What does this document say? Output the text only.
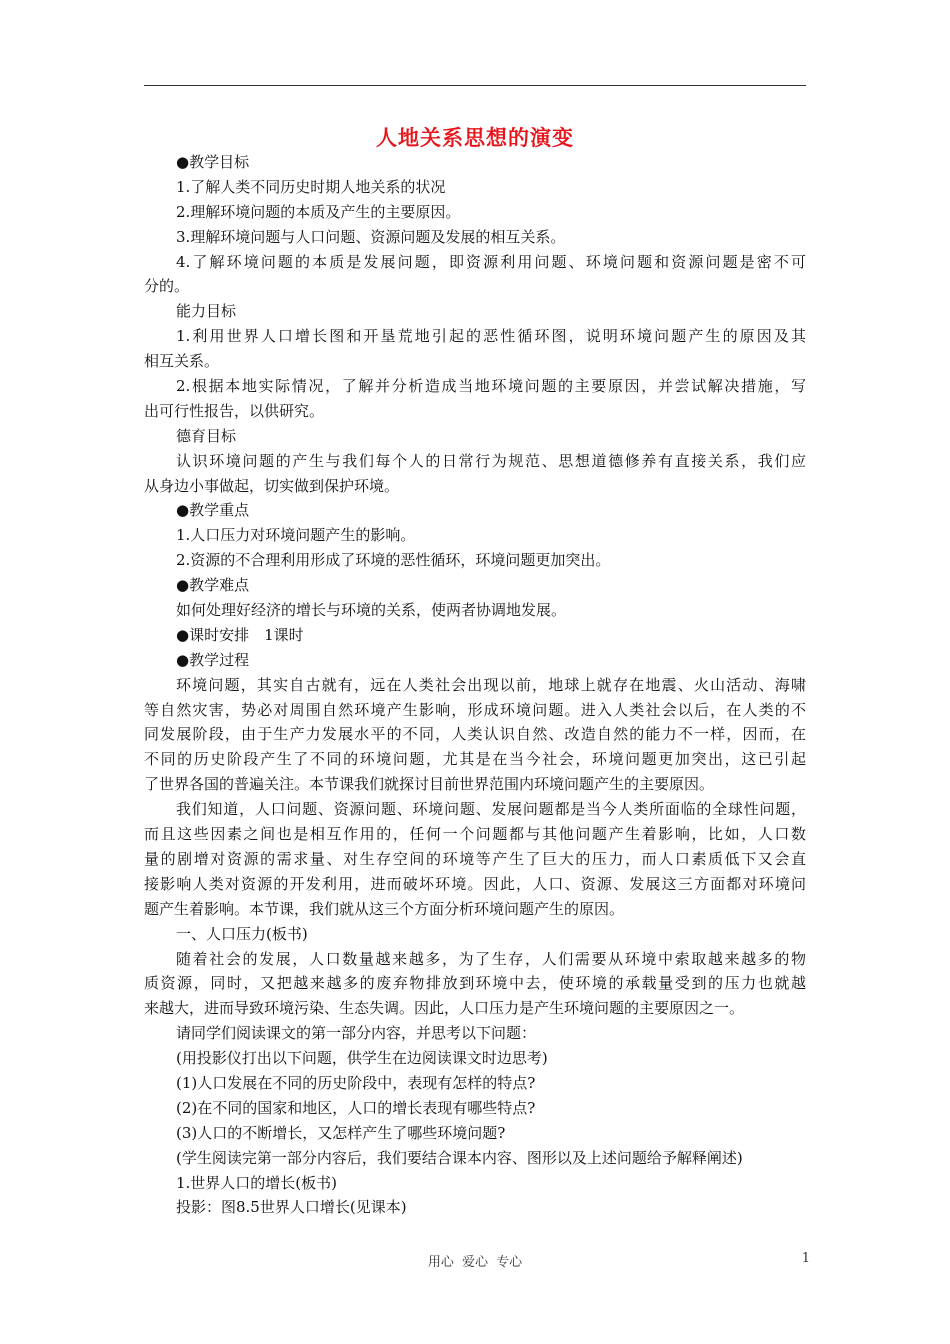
人地关系思想的演变
●教学目标
1.了解人类不同历史时期人地关系的状况
2.理解环境问题的本质及产生的主要原因。
3.理解环境问题与人口问题、资源问题及发展的相互关系。
4.了解环境问题的本质是发展问题，即资源利用问题、环境问题和资源问题是密不可
分的。
能力目标
1.利用世界人口增长图和开垦荒地引起的恶性循环图，说明环境问题产生的原因及其
相互关系。
2.根据本地实际情况，了解并分析造成当地环境问题的主要原因，并尝试解决措施，写
出可行性报告，以供研究。
德育目标
认识环境问题的产生与我们每个人的日常行为规范、思想道德修养有直接关系，我们应
从身边小事做起，切实做到保护环境。
●教学重点
1.人口压力对环境问题产生的影响。
2.资源的不合理利用形成了环境的恶性循环，环境问题更加突出。
●教学难点
如何处理好经济的增长与环境的关系，使两者协调地发展。
●课时安排　1课时
●教学过程
环境问题，其实自古就有，远在人类社会出现以前，地球上就存在地震、火山活动、海啸
等自然灾害，势必对周围自然环境产生影响，形成环境问题。进入人类社会以后，在人类的不
同发展阶段，由于生产力发展水平的不同，人类认识自然、改造自然的能力不一样，因而，在
不同的历史阶段产生了不同的环境问题，尤其是在当今社会，环境问题更加突出，这已引起
了世界各国的普遍关注。本节课我们就探讨目前世界范围内环境问题产生的主要原因。
我们知道，人口问题、资源问题、环境问题、发展问题都是当今人类所面临的全球性问题，
而且这些因素之间也是相互作用的，任何一个问题都与其他问题产生着影响，比如，人口数
量的剧增对资源的需求量、对生存空间的环境等产生了巨大的压力，而人口素质低下又会直
接影响人类对资源的开发利用，进而破坏环境。因此，人口、资源、发展这三方面都对环境问
题产生着影响。本节课，我们就从这三个方面分析环境问题产生的原因。
一、人口压力(板书)
随着社会的发展，人口数量越来越多，为了生存，人们需要从环境中索取越来越多的物
质资源，同时，又把越来越多的废弃物排放到环境中去，使环境的承载量受到的压力也就越
来越大，进而导致环境污染、生态失调。因此，人口压力是产生环境问题的主要原因之一。
请同学们阅读课文的第一部分内容，并思考以下问题：
(用投影仪打出以下问题，供学生在边阅读课文时边思考)
(1)人口发展在不同的历史阶段中，表现有怎样的特点?
(2)在不同的国家和地区，人口的增长表现有哪些特点?
(3)人口的不断增长，又怎样产生了哪些环境问题?
(学生阅读完第一部分内容后，我们要结合课本内容、图形以及上述问题给予解释阐述)
1.世界人口的增长(板书)
投影：图8.5世界人口增长(见课本)
用心 爱心 专心	1
